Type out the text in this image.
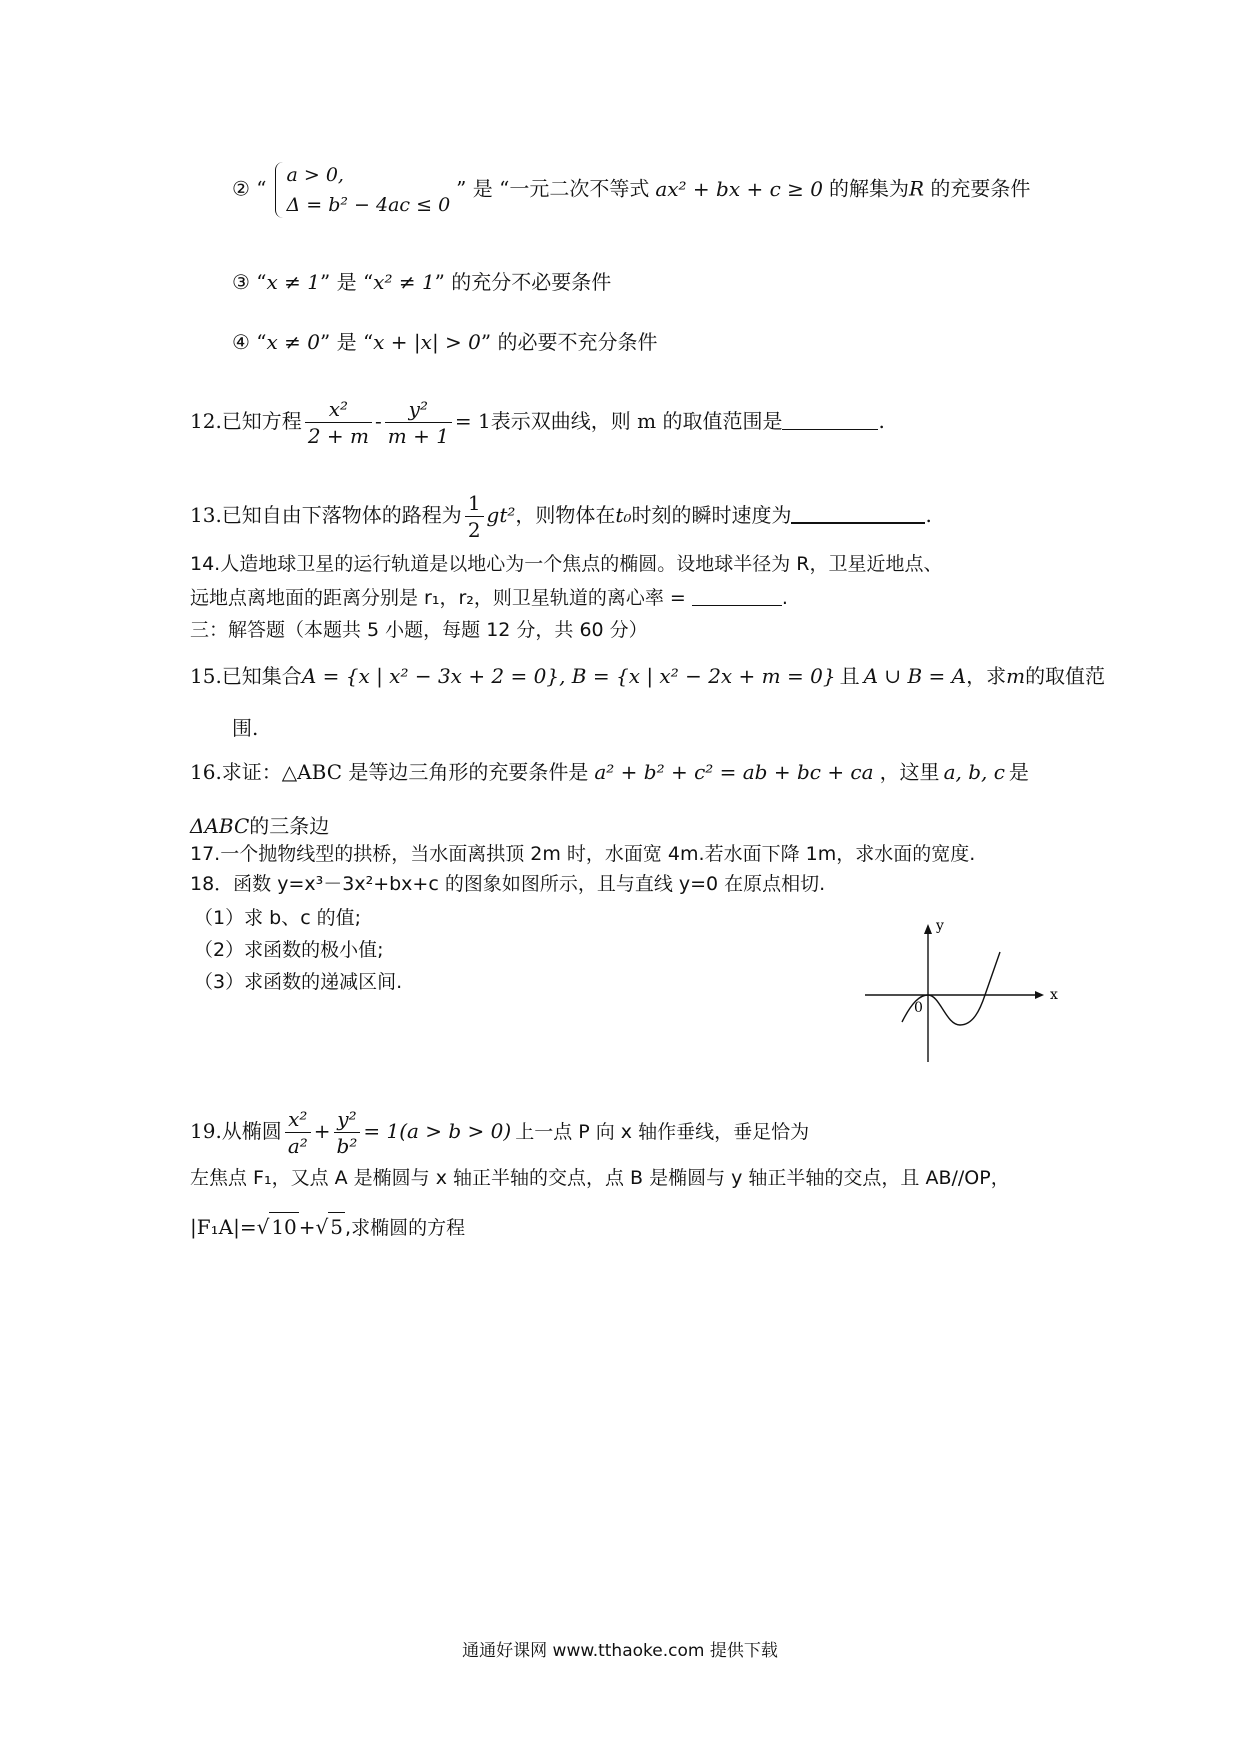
② “
a > 0,
Δ = b² − 4ac ≤ 0
” 是 “一元二次不等式 ax² + bx + c ≥ 0 的解集为R 的充要条件
③ “x ≠ 1” 是 “x² ≠ 1” 的充分不必要条件
④ “x ≠ 0” 是 “x + |x| > 0” 的必要不充分条件
12.已知方程 $\frac{\text{x²}}{2 + m} - \frac{\text{y²}}{m + 1} = 1$表示双曲线，则 m 的取值范围是	.
13.已知自由下落物体的路程为 $\frac{1}{2} gt^2$，则物体在t₀时刻的瞬时速度为	.
14.人造地球卫星的运行轨道是以地心为一个焦点的椭圆。设地球半径为 R，卫星近地点、
远地点离地面的距离分别是 r₁，r₂，则卫星轨道的离心率 =	.
三：解答题（本题共 5 小题，每题 12 分，共 60 分）
15.已知集合A = {x | x² − 3x + 2 = 0}, B = {x | x² − 2x + m = 0} 且 A ∪ B = A，求m的取值范
围.
16.求证：△ABC 是等边三角形的充要条件是 a² + b² + c² = ab + bc + ca ，这里 a, b, c 是
ΔABC的三条边
17.一个抛物线型的拱桥，当水面离拱顶 2m 时，水面宽 4m.若水面下降 1m，求水面的宽度.
18．函数 y=x³－3x²+bx+c 的图象如图所示，且与直线 y=0 在原点相切.
（1）求 b、c 的值;
（2）求函数的极小值;
（3）求函数的递减区间.
y
x
0
19.从椭圆 $\frac{\text{x²}}{\text{a²}} + \frac{\text{y²}}{\text{b²}} = 1(a > b > 0)$ 上一点 P 向 x 轴作垂线，垂足恰为
左焦点 F₁，又点 A 是椭圆与 x 轴正半轴的交点，点 B 是椭圆与 y 轴正半轴的交点，且 AB//OP，
|F₁A|=√ 10 +√ 5 ,求椭圆的方程
通通好课网 www.tthaoke.com 提供下载
